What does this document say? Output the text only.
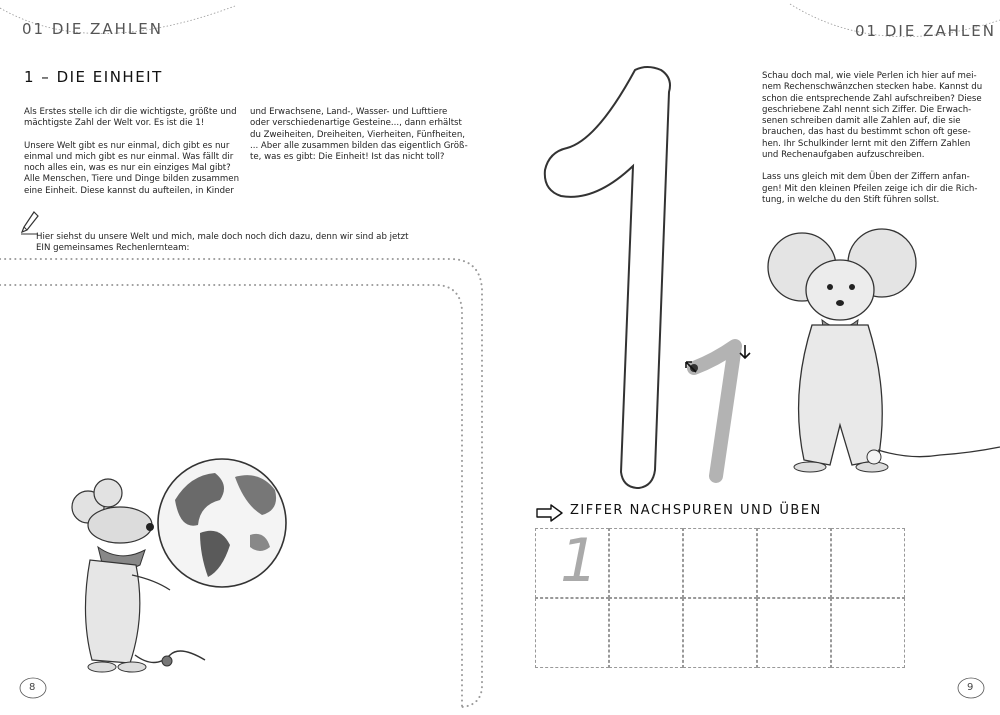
01 DIE ZAHLEN
1 – DIE EINHEIT
Als Erstes stelle ich dir die wichtigste, größte und
mächtigste Zahl der Welt vor. Es ist die 1!
Unsere Welt gibt es nur einmal, dich gibt es nur
einmal und mich gibt es nur einmal. Was fällt dir
noch alles ein, was es nur ein einziges Mal gibt?
Alle Menschen, Tiere und Dinge bilden zusammen
eine Einheit. Diese kannst du aufteilen, in Kinder
und Erwachsene, Land-, Wasser- und Lufttiere
oder verschiedenartige Gesteine..., dann erhältst
du Zweiheiten, Dreiheiten, Vierheiten, Fünfheiten,
... Aber alle zusammen bilden das eigentlich Größ-
te, was es gibt: Die Einheit! Ist das nicht toll?
Hier siehst du unsere Welt und mich, male doch noch dich dazu, denn wir sind ab jetzt
EIN gemeinsames Rechenlernteam:
8
01 DIE ZAHLEN
Schau doch mal, wie viele Perlen ich hier auf mei-
nem Rechenschwänzchen stecken habe. Kannst du
schon die entsprechende Zahl aufschreiben? Diese
geschriebene Zahl nennt sich Ziffer. Die Erwach-
senen schreiben damit alle Zahlen auf, die sie
brauchen, das hast du bestimmt schon oft gese-
hen. Ihr Schulkinder lernt mit den Ziffern Zahlen
und Rechenaufgaben aufzuschreiben.
Lass uns gleich mit dem Üben der Ziffern anfan-
gen! Mit den kleinen Pfeilen zeige ich dir die Rich-
tung, in welche du den Stift führen sollst.
ZIFFER NACHSPUREN UND ÜBEN
1
9
